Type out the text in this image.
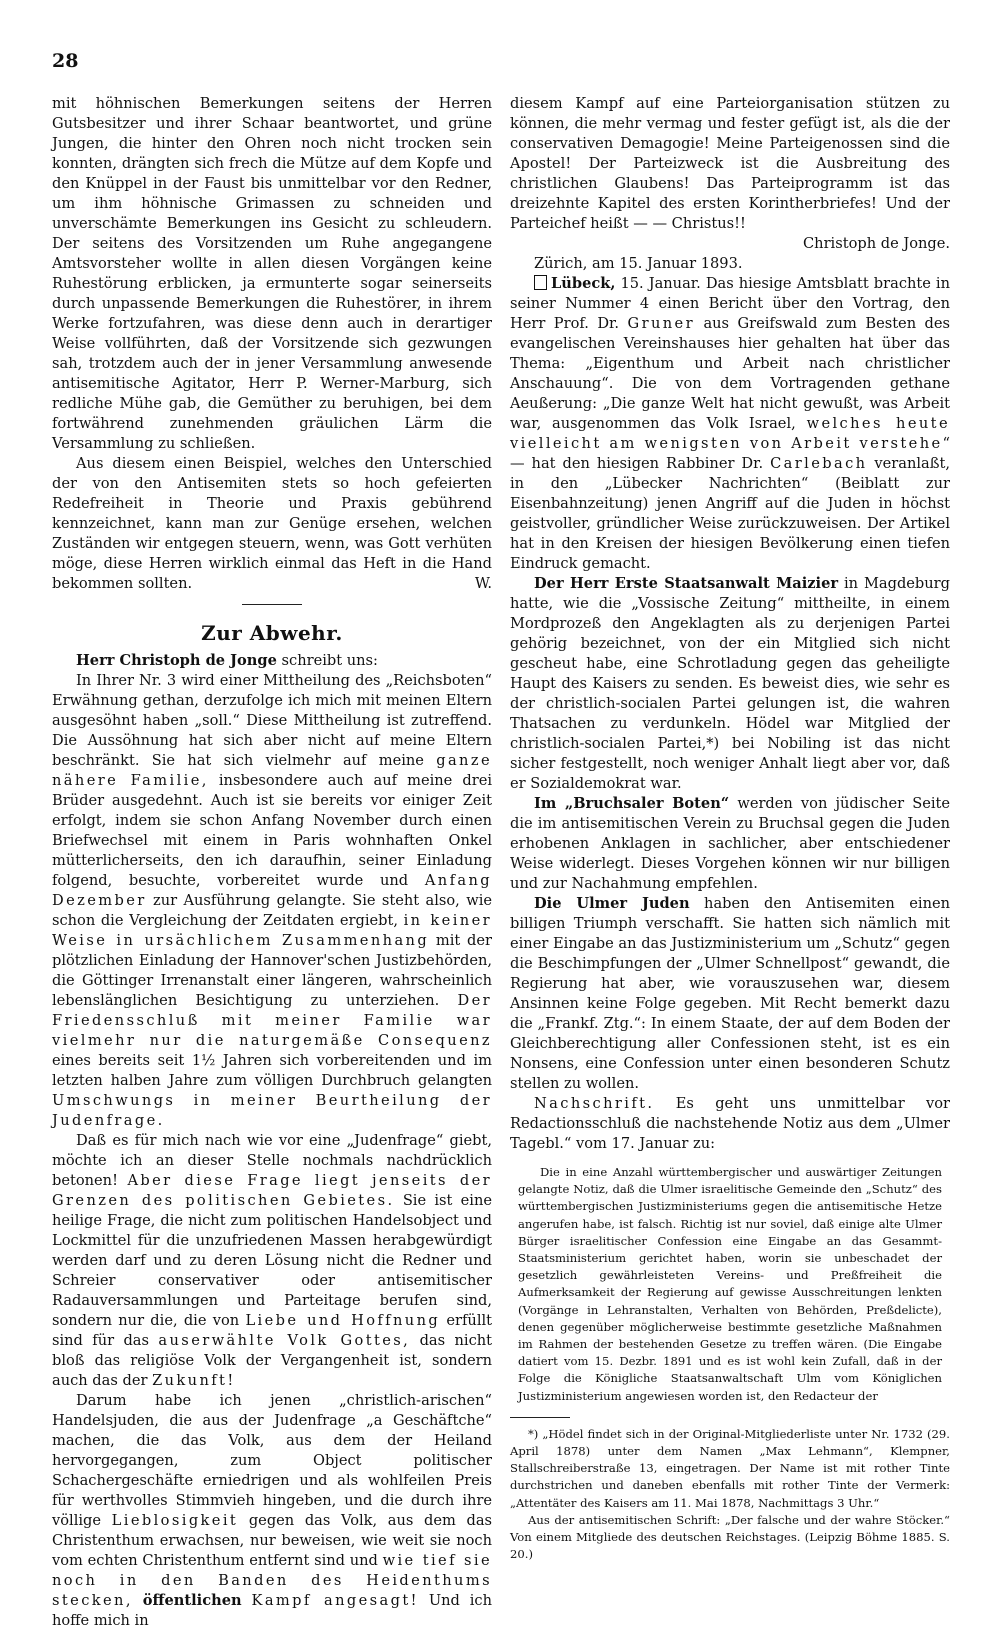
28

mit höhnischen Bemerkungen seitens der Herren Gutsbesitzer und ihrer Schaar beantwortet, und grüne Jungen, die hinter den Ohren noch nicht trocken sein konnten, drängten sich frech die Mütze auf dem Kopfe und den Knüppel in der Faust bis unmittelbar vor den Redner, um ihm höhnische Grimassen zu schneiden und unverschämte Bemerkungen ins Gesicht zu schleudern. Der seitens des Vorsitzenden um Ruhe angegangene Amtsvorsteher wollte in allen diesen Vorgängen keine Ruhestörung erblicken, ja ermunterte sogar seinerseits durch unpassende Bemerkungen die Ruhestörer, in ihrem Werke fortzufahren, was diese denn auch in derartiger Weise vollführten, daß der Vorsitzende sich gezwungen sah, trotzdem auch der in jener Versammlung anwesende antisemitische Agitator, Herr P. Werner-Marburg, sich redliche Mühe gab, die Gemüther zu beruhigen, bei dem fortwährend zunehmenden gräulichen Lärm die Versammlung zu schließen.

Aus diesem einen Beispiel, welches den Unterschied der von den Antisemiten stets so hoch gefeierten Redefreiheit in Theorie und Praxis gebührend kennzeichnet, kann man zur Genüge ersehen, welchen Zuständen wir entgegen steuern, wenn, was Gott verhüten möge, diese Herren wirklich einmal das Heft in die Hand bekommen sollten.	W.

Zur Abwehr.

Herr Christoph de Jonge schreibt uns:

In Ihrer Nr. 3 wird einer Mittheilung des „Reichsboten“ Erwähnung gethan, derzufolge ich mich mit meinen Eltern ausgesöhnt haben „soll.“ Diese Mittheilung ist zutreffend. Die Aussöhnung hat sich aber nicht auf meine Eltern beschränkt. Sie hat sich vielmehr auf meine ganze nähere Familie, insbesondere auch auf meine drei Brüder ausgedehnt. Auch ist sie bereits vor einiger Zeit erfolgt, indem sie schon Anfang November durch einen Briefwechsel mit einem in Paris wohnhaften Onkel mütterlicherseits, den ich daraufhin, seiner Einladung folgend, besuchte, vorbereitet wurde und Anfang Dezember zur Ausführung gelangte. Sie steht also, wie schon die Vergleichung der Zeitdaten ergiebt, in keiner Weise in ursächlichem Zusammenhang mit der plötzlichen Einladung der Hannover'schen Justizbehörden, die Göttinger Irrenanstalt einer längeren, wahrscheinlich lebenslänglichen Besichtigung zu unterziehen. Der Friedensschluß mit meiner Familie war vielmehr nur die naturgemäße Consequenz eines bereits seit 1½ Jahren sich vorbereitenden und im letzten halben Jahre zum völligen Durchbruch gelangten Umschwungs in meiner Beurtheilung der Judenfrage.

Daß es für mich nach wie vor eine „Judenfrage“ giebt, möchte ich an dieser Stelle nochmals nachdrücklich betonen! Aber diese Frage liegt jenseits der Grenzen des politischen Gebietes. Sie ist eine heilige Frage, die nicht zum politischen Handelsobject und Lockmittel für die unzufriedenen Massen herabgewürdigt werden darf und zu deren Lösung nicht die Redner und Schreier conservativer oder antisemitischer Radauversammlungen und Parteitage berufen sind, sondern nur die, die von Liebe und Hoffnung erfüllt sind für das auserwählte Volk Gottes, das nicht bloß das religiöse Volk der Vergangenheit ist, sondern auch das der Zukunft!

Darum habe ich jenen „christlich-arischen“ Handelsjuden, die aus der Judenfrage „a Geschäftche“ machen, die das Volk, aus dem der Heiland hervorgegangen, zum Object politischer Schachergeschäfte erniedrigen und als wohlfeilen Preis für werthvolles Stimmvieh hingeben, und die durch ihre völlige Lieblosigkeit gegen das Volk, aus dem das Christenthum erwachsen, nur beweisen, wie weit sie noch vom echten Christenthum entfernt sind und wie tief sie noch in den Banden des Heidenthums stecken, öffentlichen Kampf angesagt! Und ich hoffe mich in

diesem Kampf auf eine Parteiorganisation stützen zu können, die mehr vermag und fester gefügt ist, als die der conservativen Demagogie! Meine Parteigenossen sind die Apostel! Der Parteizweck ist die Ausbreitung des christlichen Glaubens! Das Parteiprogramm ist das dreizehnte Kapitel des ersten Korintherbriefes! Und der Parteichef heißt — — Christus!!

Christoph de Jonge.

Zürich, am 15. Januar 1893.

Lübeck, 15. Januar. Das hiesige Amtsblatt brachte in seiner Nummer 4 einen Bericht über den Vortrag, den Herr Prof. Dr. Gruner aus Greifswald zum Besten des evangelischen Vereinshauses hier gehalten hat über das Thema: „Eigenthum und Arbeit nach christlicher Anschauung“. Die von dem Vortragenden gethane Aeußerung: „Die ganze Welt hat nicht gewußt, was Arbeit war, ausgenommen das Volk Israel, welches heute vielleicht am wenigsten von Arbeit verstehe“ — hat den hiesigen Rabbiner Dr. Carlebach veranlaßt, in den „Lübecker Nachrichten“ (Beiblatt zur Eisenbahnzeitung) jenen Angriff auf die Juden in höchst geistvoller, gründlicher Weise zurückzuweisen. Der Artikel hat in den Kreisen der hiesigen Bevölkerung einen tiefen Eindruck gemacht.

Der Herr Erste Staatsanwalt Maizier in Magdeburg hatte, wie die „Vossische Zeitung“ mittheilte, in einem Mordprozeß den Angeklagten als zu derjenigen Partei gehörig bezeichnet, von der ein Mitglied sich nicht gescheut habe, eine Schrotladung gegen das geheiligte Haupt des Kaisers zu senden. Es beweist dies, wie sehr es der christlich-socialen Partei gelungen ist, die wahren Thatsachen zu verdunkeln. Hödel war Mitglied der christlich-socialen Partei,*) bei Nobiling ist das nicht sicher festgestellt, noch weniger Anhalt liegt aber vor, daß er Sozialdemokrat war.

Im „Bruchsaler Boten“ werden von jüdischer Seite die im antisemitischen Verein zu Bruchsal gegen die Juden erhobenen Anklagen in sachlicher, aber entschiedener Weise widerlegt. Dieses Vorgehen können wir nur billigen und zur Nachahmung empfehlen.

Die Ulmer Juden haben den Antisemiten einen billigen Triumph verschafft. Sie hatten sich nämlich mit einer Eingabe an das Justizministerium um „Schutz“ gegen die Beschimpfungen der „Ulmer Schnellpost“ gewandt, die Regierung hat aber, wie vorauszusehen war, diesem Ansinnen keine Folge gegeben. Mit Recht bemerkt dazu die „Frankf. Ztg.“: In einem Staate, der auf dem Boden der Gleichberechtigung aller Confessionen steht, ist es ein Nonsens, eine Confession unter einen besonderen Schutz stellen zu wollen.

Nachschrift. Es geht uns unmittelbar vor Redactionsschluß die nachstehende Notiz aus dem „Ulmer Tagebl.“ vom 17. Januar zu:

Die in eine Anzahl württembergischer und auswärtiger Zeitungen gelangte Notiz, daß die Ulmer israelitische Gemeinde den „Schutz“ des württembergischen Justizministeriums gegen die antisemitische Hetze angerufen habe, ist falsch. Richtig ist nur soviel, daß einige alte Ulmer Bürger israelitischer Confession eine Eingabe an das Gesammt-Staatsministerium gerichtet haben, worin sie unbeschadet der gesetzlich gewährleisteten Vereins- und Preßfreiheit die Aufmerksamkeit der Regierung auf gewisse Ausschreitungen lenkten (Vorgänge in Lehranstalten, Verhalten von Behörden, Preßdelicte), denen gegenüber möglicherweise bestimmte gesetzliche Maßnahmen im Rahmen der bestehenden Gesetze zu treffen wären. (Die Eingabe datiert vom 15. Dezbr. 1891 und es ist wohl kein Zufall, daß in der Folge die Königliche Staatsanwaltschaft Ulm vom Königlichen Justizministerium angewiesen worden ist, den Redacteur der

*) „Hödel findet sich in der Original-Mitgliederliste unter Nr. 1732 (29. April 1878) unter dem Namen „Max Lehmann“, Klempner, Stallschreiberstraße 13, eingetragen. Der Name ist mit rother Tinte durchstrichen und daneben ebenfalls mit rother Tinte der Vermerk: „Attentäter des Kaisers am 11. Mai 1878, Nachmittags 3 Uhr.“

Aus der antisemitischen Schrift: „Der falsche und der wahre Stöcker.“ Von einem Mitgliede des deutschen Reichstages. (Leipzig Böhme 1885. S. 20.)
